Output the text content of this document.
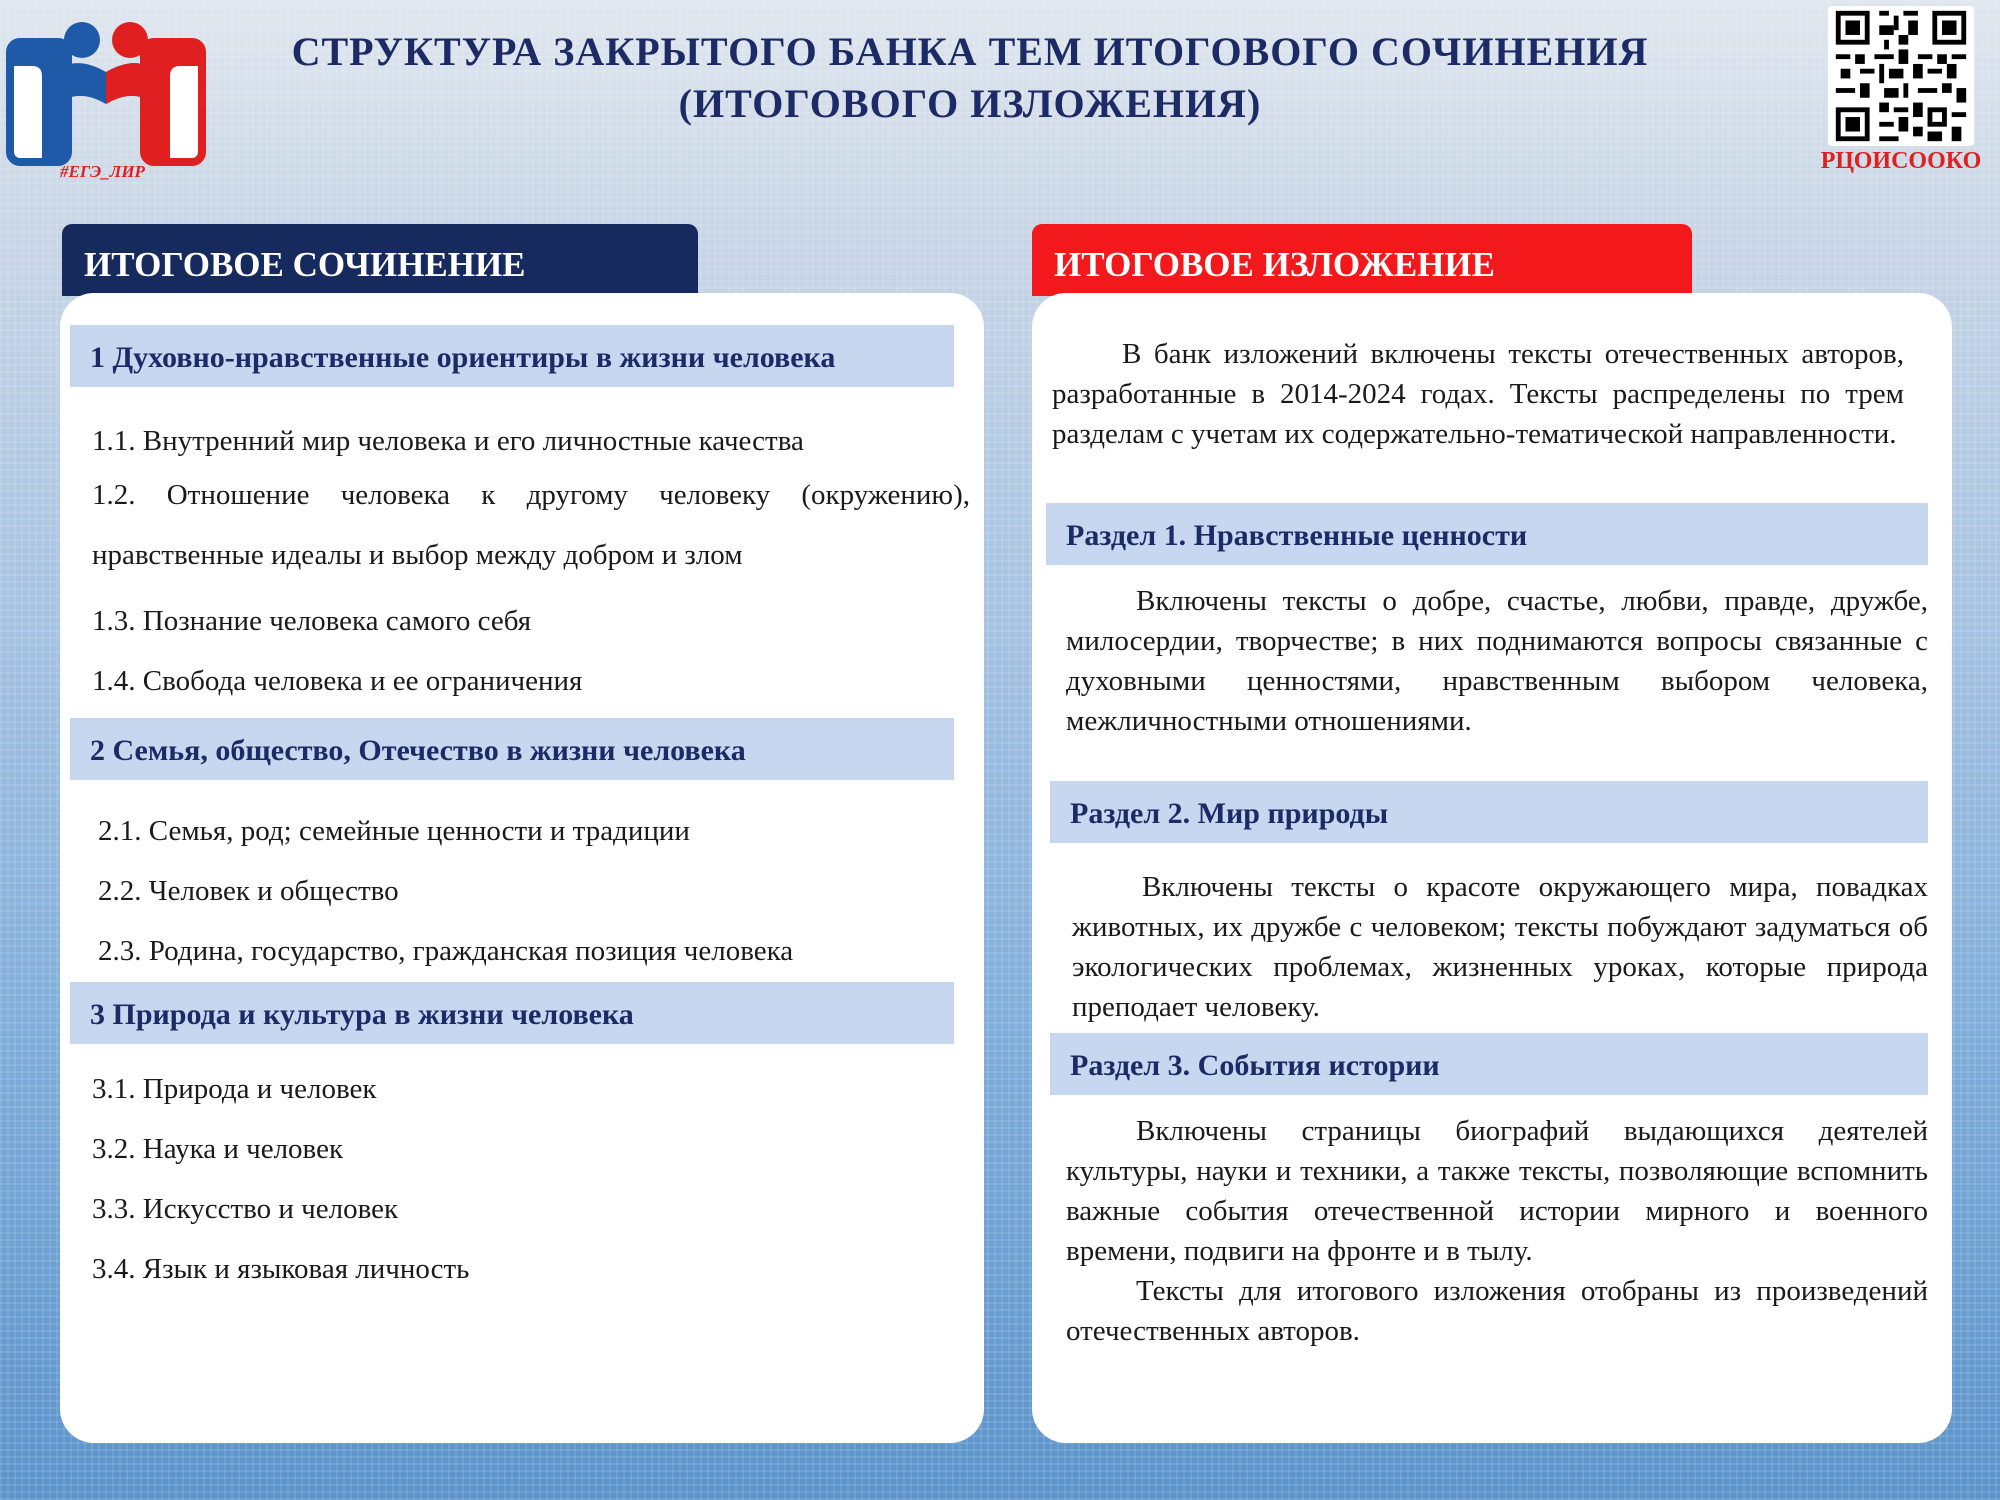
#ЕГЭ_ЛИР
СТРУКТУРА ЗАКРЫТОГО БАНКА ТЕМ ИТОГОВОГО СОЧИНЕНИЯ
(ИТОГОВОГО ИЗЛОЖЕНИЯ)
РЦОИСООКО
ИТОГОВОЕ СОЧИНЕНИЕ
1 Духовно-нравственные ориентиры в жизни человека
1.1. Внутренний мир человека и его личностные качества
1.2. Отношение человека к другому человеку (окружению), нравственные идеалы и выбор между добром и злом
1.3. Познание человека самого себя
1.4. Свобода человека и ее ограничения
2 Семья, общество, Отечество в жизни человека
2.1. Семья, род; семейные ценности и традиции
2.2. Человек и общество
2.3. Родина, государство, гражданская позиция человека
3 Природа и культура в жизни человека
3.1. Природа и человек
3.2. Наука и человек
3.3. Искусство и человек
3.4. Язык и языковая личность
ИТОГОВОЕ ИЗЛОЖЕНИЕ

В банк изложений включены тексты отечественных авторов, разработанные в 2014-2024 годах. Тексты распределены по трем разделам с учетам их содержательно-тематической направленности.

Раздел 1. Нравственные ценности

Включены тексты о добре, счастье, любви, правде, дружбе, милосердии, творчестве; в них поднимаются вопросы связанные с духовными ценностями, нравственным выбором человека, межличностными отношениями.

Раздел 2. Мир природы

Включены тексты о красоте окружающего мира, повадках животных, их дружбе с человеком; тексты побуждают задуматься об экологических проблемах, жизненных уроках, которые природа преподает человеку.

Раздел 3. События истории

Включены страницы биографий выдающихся деятелей культуры, науки и техники, а также тексты, позволяющие вспомнить важные события отечественной истории мирного и военного времени, подвиги на фронте и в тылу.

Тексты для итогового изложения отобраны из произведений отечественных авторов.
